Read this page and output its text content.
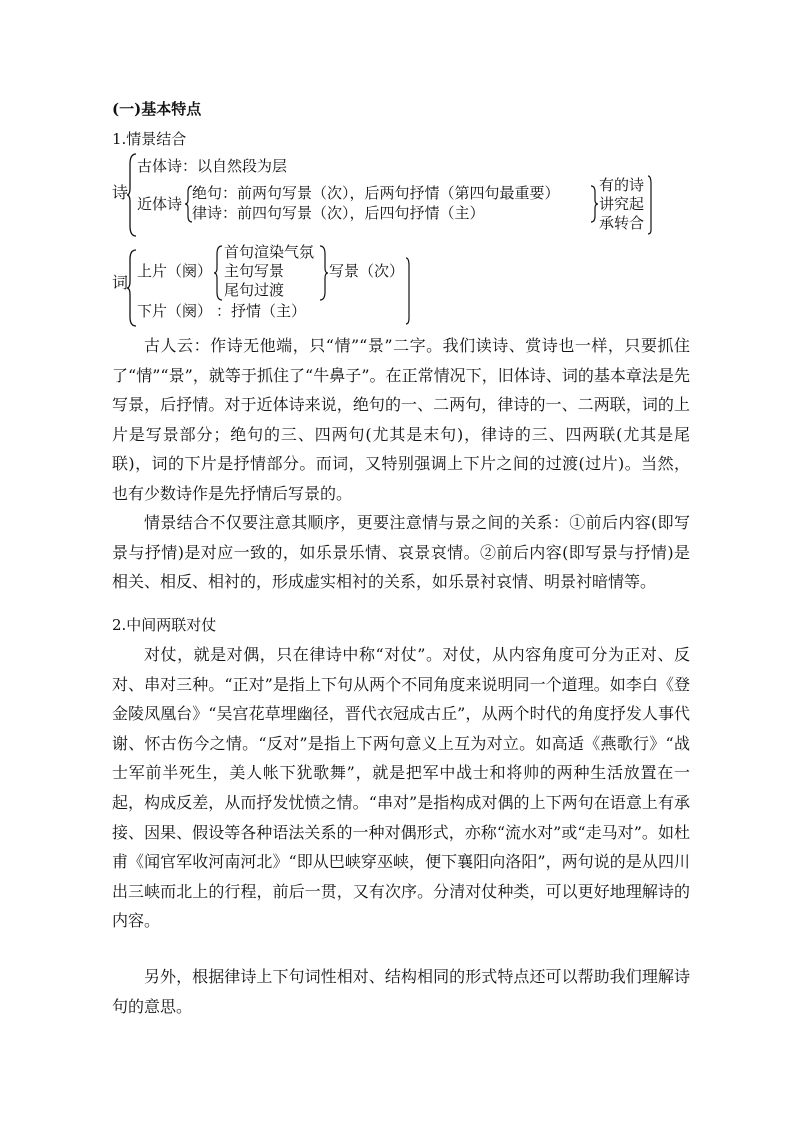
(一)基本特点
1.情景结合
诗
古体诗：以自然段为层
近体诗
绝句：前两句写景（次），后两句抒情（第四句最重要）
律诗：前四句写景（次），后四句抒情（主）
有的诗
讲究起
承转合
词
上片（阕）
首句渲染气氛
主句写景
尾句过渡
写景（次）
下片（阕） ：抒情（主）

古人云：作诗无他端，只“情”“景”二字。我们读诗、赏诗也一样，只要抓住了“情”“景”，就等于抓住了“牛鼻子”。在正常情况下，旧体诗、词的基本章法是先写景，后抒情。对于近体诗来说，绝句的一、二两句，律诗的一、二两联，词的上片是写景部分；绝句的三、四两句(尤其是末句)，律诗的三、四两联(尤其是尾联)，词的下片是抒情部分。而词，又特别强调上下片之间的过渡(过片)。当然，也有少数诗作是先抒情后写景的。

情景结合不仅要注意其顺序，更要注意情与景之间的关系：①前后内容(即写景与抒情)是对应一致的，如乐景乐情、哀景哀情。②前后内容(即写景与抒情)是相关、相反、相衬的，形成虚实相衬的关系，如乐景衬哀情、明景衬暗情等。

2.中间两联对仗

对仗，就是对偶，只在律诗中称“对仗”。对仗，从内容角度可分为正对、反对、串对三种。“正对”是指上下句从两个不同角度来说明同一个道理。如李白《登金陵凤凰台》“吴宫花草埋幽径，晋代衣冠成古丘”，从两个时代的角度抒发人事代谢、怀古伤今之情。“反对”是指上下两句意义上互为对立。如高适《燕歌行》“战士军前半死生，美人帐下犹歌舞”，就是把军中战士和将帅的两种生活放置在一起，构成反差，从而抒发忧愤之情。“串对”是指构成对偶的上下两句在语意上有承接、因果、假设等各种语法关系的一种对偶形式，亦称“流水对”或“走马对”。如杜甫《闻官军收河南河北》“即从巴峡穿巫峡，便下襄阳向洛阳”，两句说的是从四川出三峡而北上的行程，前后一贯，又有次序。分清对仗种类，可以更好地理解诗的内容。

另外，根据律诗上下句词性相对、结构相同的形式特点还可以帮助我们理解诗句的意思。
